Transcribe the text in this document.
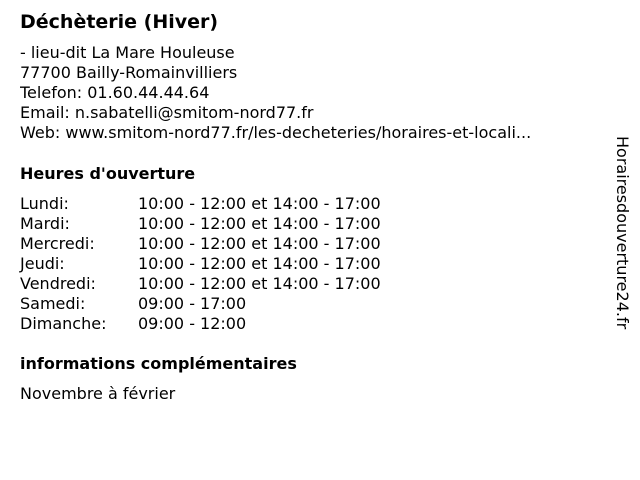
Déchèterie (Hiver)
- lieu-dit La Mare Houleuse
77700 Bailly-Romainvilliers
Telefon: 01.60.44.44.64
Email: n.sabatelli@smitom-nord77.fr
Web: www.smitom-nord77.fr/les-decheteries/horaires-et-locali...
Heures d'ouverture
Lundi:	10:00 - 12:00 et 14:00 - 17:00
Mardi:	10:00 - 12:00 et 14:00 - 17:00
Mercredi:	10:00 - 12:00 et 14:00 - 17:00
Jeudi:	10:00 - 12:00 et 14:00 - 17:00
Vendredi:	10:00 - 12:00 et 14:00 - 17:00
Samedi:	09:00 - 17:00
Dimanche:	09:00 - 12:00
informations complémentaires
Novembre à février
Horairesdouverture24.fr
